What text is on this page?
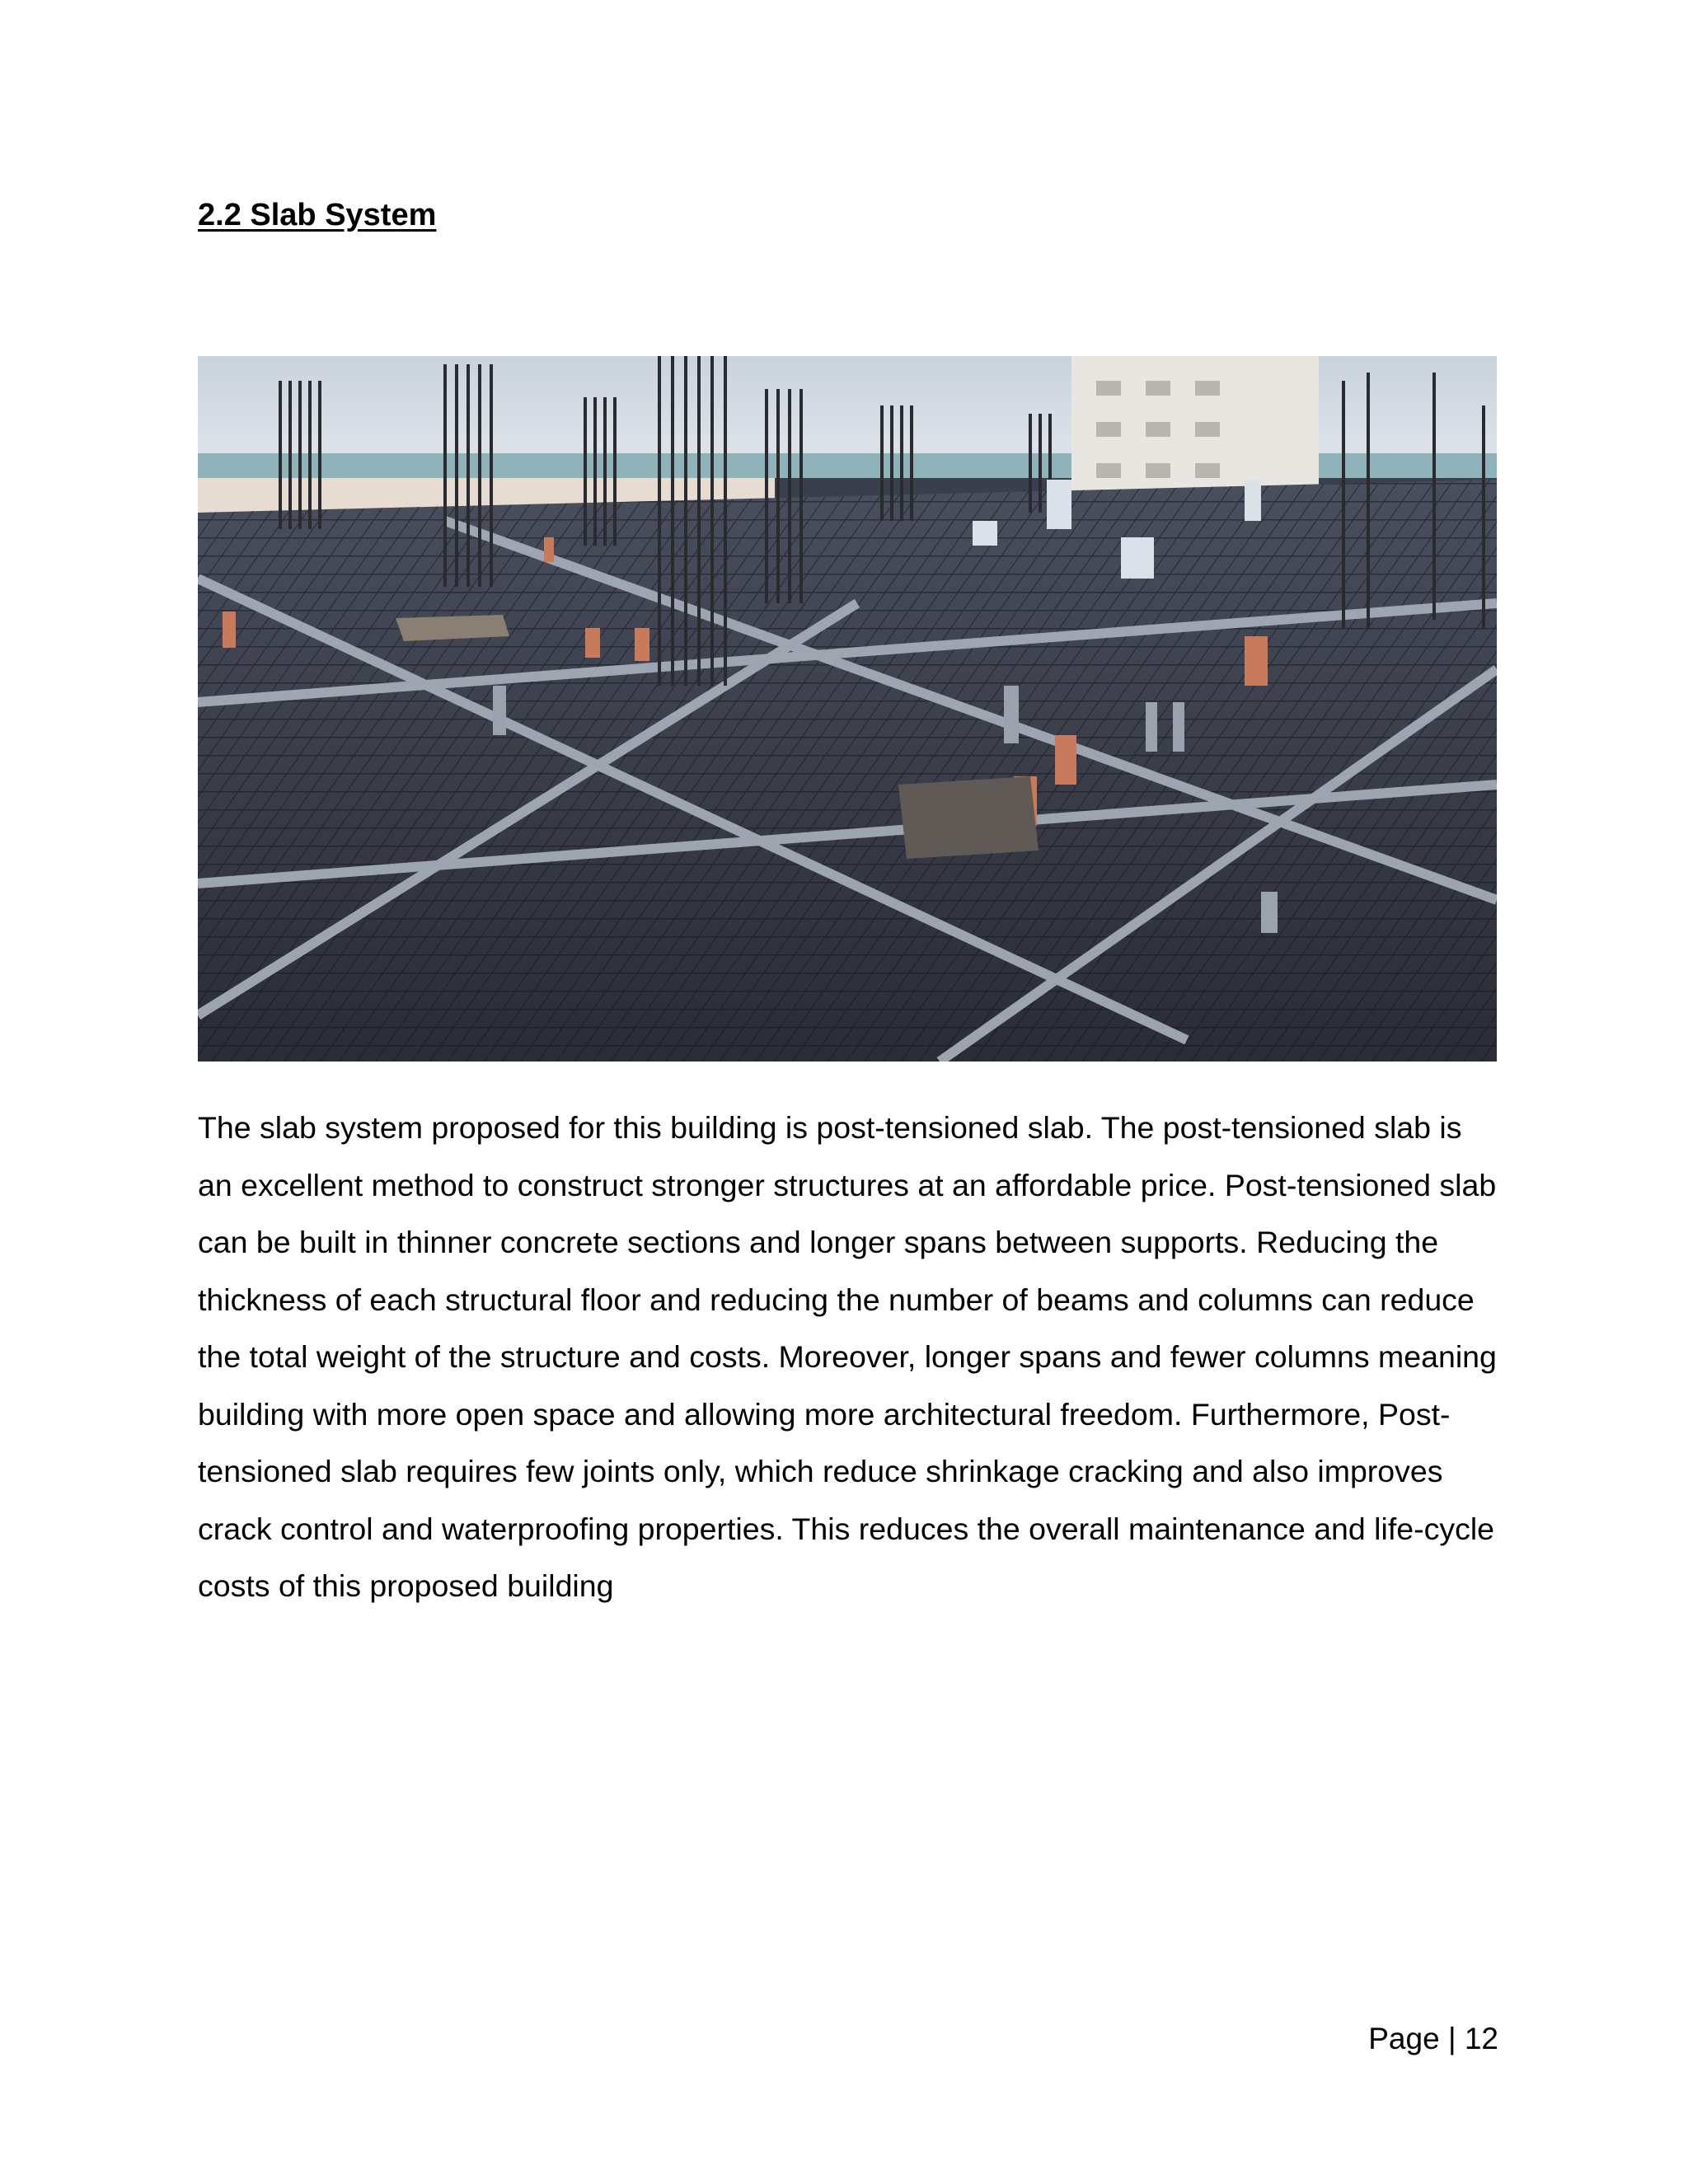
2.2 Slab System

The slab system proposed for this building is post-tensioned slab. The post-tensioned slab is an excellent method to construct stronger structures at an affordable price. Post-tensioned slab can be built in thinner concrete sections and longer spans between supports. Reducing the thickness of each structural floor and reducing the number of beams and columns can reduce the total weight of the structure and costs. Moreover, longer spans and fewer columns meaning building with more open space and allowing more architectural freedom. Furthermore, Post-tensioned slab requires few joints only, which reduce shrinkage cracking and also improves crack control and waterproofing properties. This reduces the overall maintenance and life-cycle costs of this proposed building

Page | 12
